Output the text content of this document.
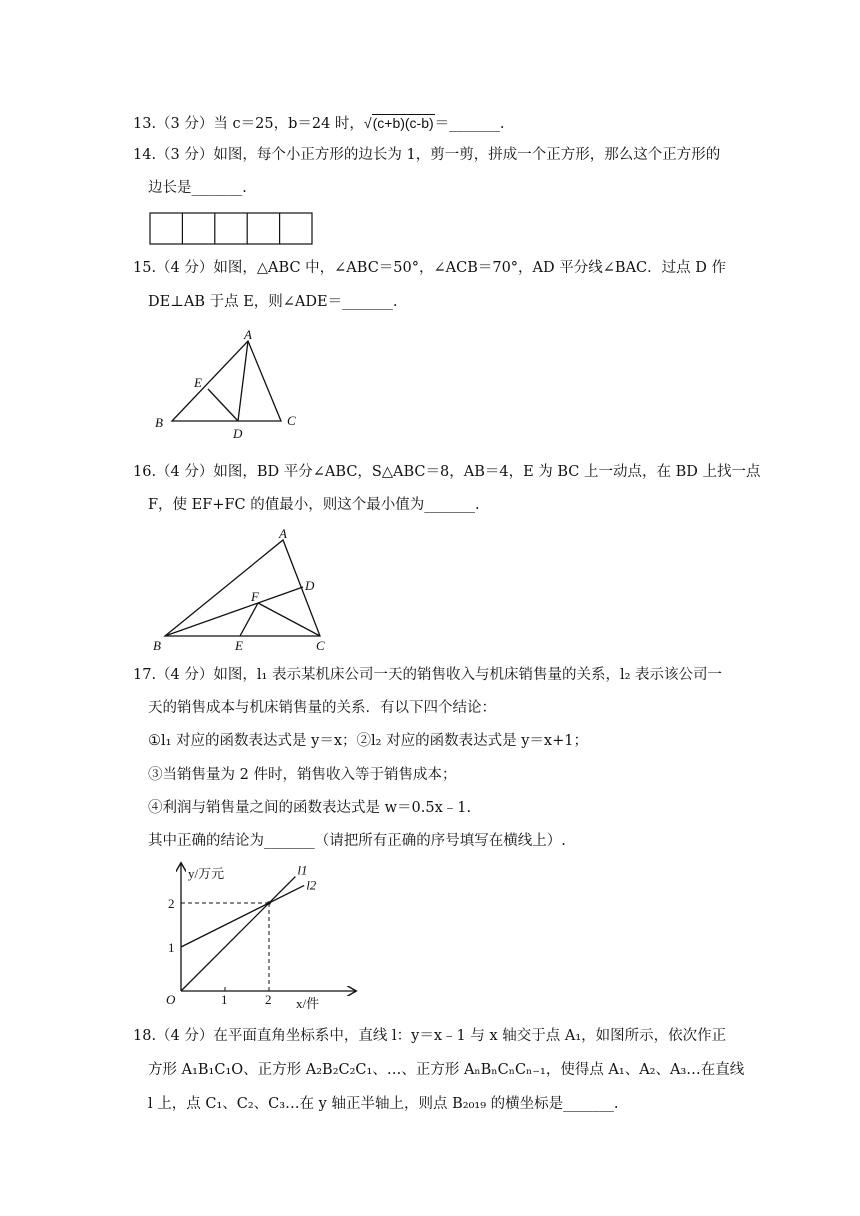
13.（3 分）当 c＝25，b＝24 时，√(c+b)(c-b)＝_______.
14.（3 分）如图，每个小正方形的边长为 1，剪一剪，拼成一个正方形，那么这个正方形的
边长是_______.
15.（4 分）如图，△ABC 中，∠ABC＝50°，∠ACB＝70°，AD 平分线∠BAC．过点 D 作
DE⊥AB 于点 E，则∠ADE＝_______.
A
B	C
D
E
16.（4 分）如图，BD 平分∠ABC，S△ABC＝8，AB＝4，E 为 BC 上一动点，在 BD 上找一点
F，使 EF+FC 的值最小，则这个最小值为_______.
A
B	C
D
E
F
17.（4 分）如图，l₁ 表示某机床公司一天的销售收入与机床销售量的关系，l₂ 表示该公司一
天的销售成本与机床销售量的关系．有以下四个结论：
①l₁ 对应的函数表达式是 y＝x；②l₂ 对应的函数表达式是 y＝x+1；
③当销售量为 2 件时，销售收入等于销售成本；
④利润与销售量之间的函数表达式是 w＝0.5x﹣1.
其中正确的结论为_______（请把所有正确的序号填写在横线上）.
l1
l2
1	2
1
2
y/万元
x/件
O
18.（4 分）在平面直角坐标系中，直线 l：y＝x﹣1 与 x 轴交于点 A₁，如图所示，依次作正
方形 A₁B₁C₁O、正方形 A₂B₂C₂C₁、…、正方形 AₙBₙCₙCₙ₋₁，使得点 A₁、A₂、A₃…在直线
l 上，点 C₁、C₂、C₃…在 y 轴正半轴上，则点 B₂₀₁₉ 的横坐标是_______.
